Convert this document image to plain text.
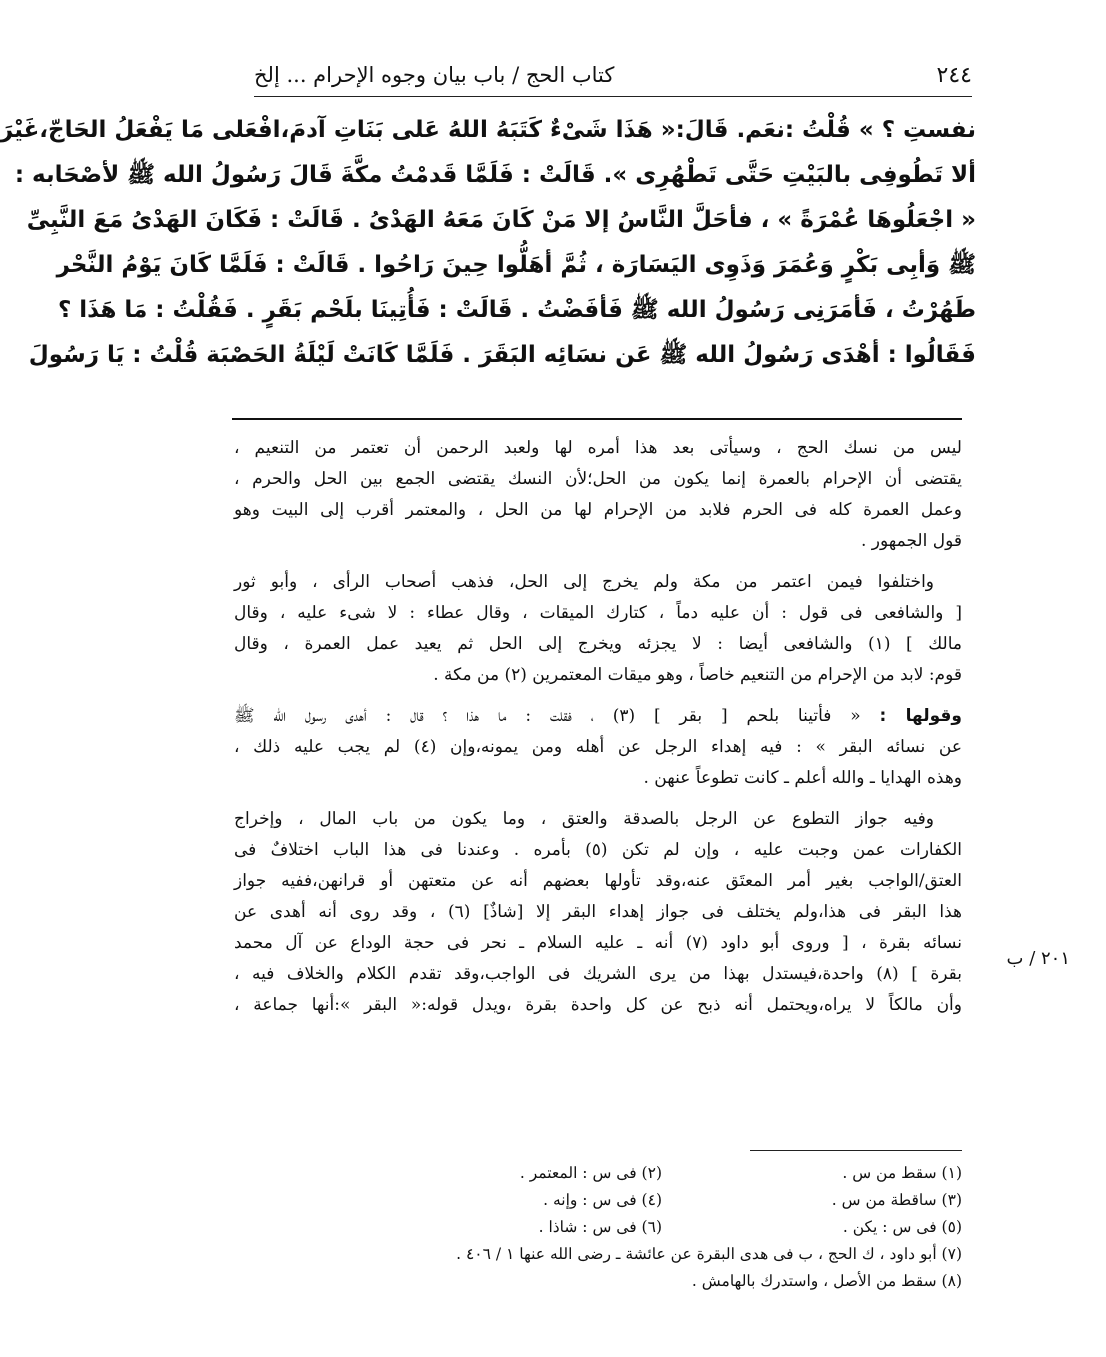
٢٤٤
كتاب الحج / باب بيان وجوه الإحرام ... إلخ
نفستِ ؟ » قُلْتُ :نعَم. قَالَ:« هَذَا شَىْءٌ كَتَبَهُ اللهُ عَلى بَنَاتِ آدمَ،افْعَلى مَا يَفْعَلُ الحَاجّ،غَيْرَ
ألا تَطُوفِى بالبَيْتِ حَتَّى تَطْهُرِى ». قَالَتْ : فَلَمَّا قَدمْتُ مكَّةَ قَالَ رَسُولُ الله ﷺ لأصْحَابه :
« اجْعَلُوهَا عُمْرَةً » ، فأحَلَّ النَّاسُ إلا مَنْ كَانَ مَعَهُ الهَدْىُ . قَالَتْ : فَكَانَ الهَدْىُ مَعَ النَّبِىِّ
ﷺ وَأبِى بَكْرٍ وَعُمَرَ وَذَوِى اليَسَارَة ، ثُمَّ أهَلُّوا حِينَ رَاحُوا . قَالَتْ : فَلَمَّا كَانَ يَوْمُ النَّحْر
طَهُرْتُ ، فَأمَرَنِى رَسُولُ الله ﷺ فَأفَضْتُ . قَالَتْ : فَأُتِينَا بلَحْم بَقَرٍ . فَقُلْتُ : مَا هَذَا ؟
فَقَالُوا : أهْدَى رَسُولُ الله ﷺ عَن نسَائِه البَقَرَ . فَلَمَّا كَانَتْ لَيْلَةُ الحَصْبَة قُلْتُ : يَا رَسُولَ

ليس من نسك الحج ، وسيأتى بعد هذا أمره لها ولعبد الرحمن أن تعتمر من التنعيم ،
يقتضى أن الإحرام بالعمرة إنما يكون من الحل؛لأن النسك يقتضى الجمع بين الحل والحرم ،
وعمل العمرة كله فى الحرم فلابد من الإحرام لها من الحل ، والمعتمر أقرب إلى البيت وهو
قول الجمهور .

واختلفوا فيمن اعتمر من مكة ولم يخرج إلى الحل، فذهب أصحاب الرأى ، وأبو ثور
[ والشافعى فى قول : أن عليه دماً ، كتارك الميقات ، وقال عطاء : لا شىء عليه ، وقال
مالك ] (١) والشافعى أيضا : لا يجزئه ويخرج إلى الحل ثم يعيد عمل العمرة ، وقال
قوم: لابد من الإحرام من التنعيم خاصاً ، وهو ميقات المعتمرين (٢) من مكة .

وقولها : « فأتينا بلحم [ بقر ] (٣) ، فقلت : ما هذا ؟ قال : أهدى رسول الله ﷺ
عن نسائه البقر » : فيه إهداء الرجل عن أهله ومن يمونه،وإن (٤) لم يجب عليه ذلك ،
وهذه الهدايا ـ والله أعلم ـ كانت تطوعاً عنهن .

وفيه جواز التطوع عن الرجل بالصدقة والعتق ، وما يكون من باب المال ، وإخراج
الكفارات عمن وجبت عليه ، وإن لم تكن (٥) بأمره . وعندنا فى هذا الباب اختلافٌ فى
العتق/الواجب بغير أمر المعتَق عنه،وقد تأولها بعضهم أنه عن متعتهن أو قرانهن،ففيه جواز
هذا البقر فى هذا،ولم يختلف فى جواز إهداء البقر إلا [شاذٌ] (٦) ، وقد روى أنه أهدى عن
نسائه بقرة ، [ وروى أبو داود (٧) أنه ـ عليه السلام ـ نحر فى حجة الوداع عن آل محمد
بقرة ] (٨) واحدة،فيستدل بهذا من يرى الشريك فى الواجب،وقد تقدم الكلام والخلاف فيه ،
وأن مالكاً لا يراه،ويحتمل أنه ذبح عن كل واحدة بقرة ،ويدل قوله:« البقر »:أنها جماعة ،

٢٠١ / ب
(١) سقط من س .
(٢) فى س : المعتمر .
(٣) ساقطة من س .
(٤) فى س : وإنه .
(٥) فى س : يكن .
(٦) فى س : شاذا .
(٧) أبو داود ، ك الحج ، ب فى هدى البقرة عن عائشة ـ رضى الله عنها ١ / ٤٠٦ .
(٨) سقط من الأصل ، واستدرك بالهامش .
